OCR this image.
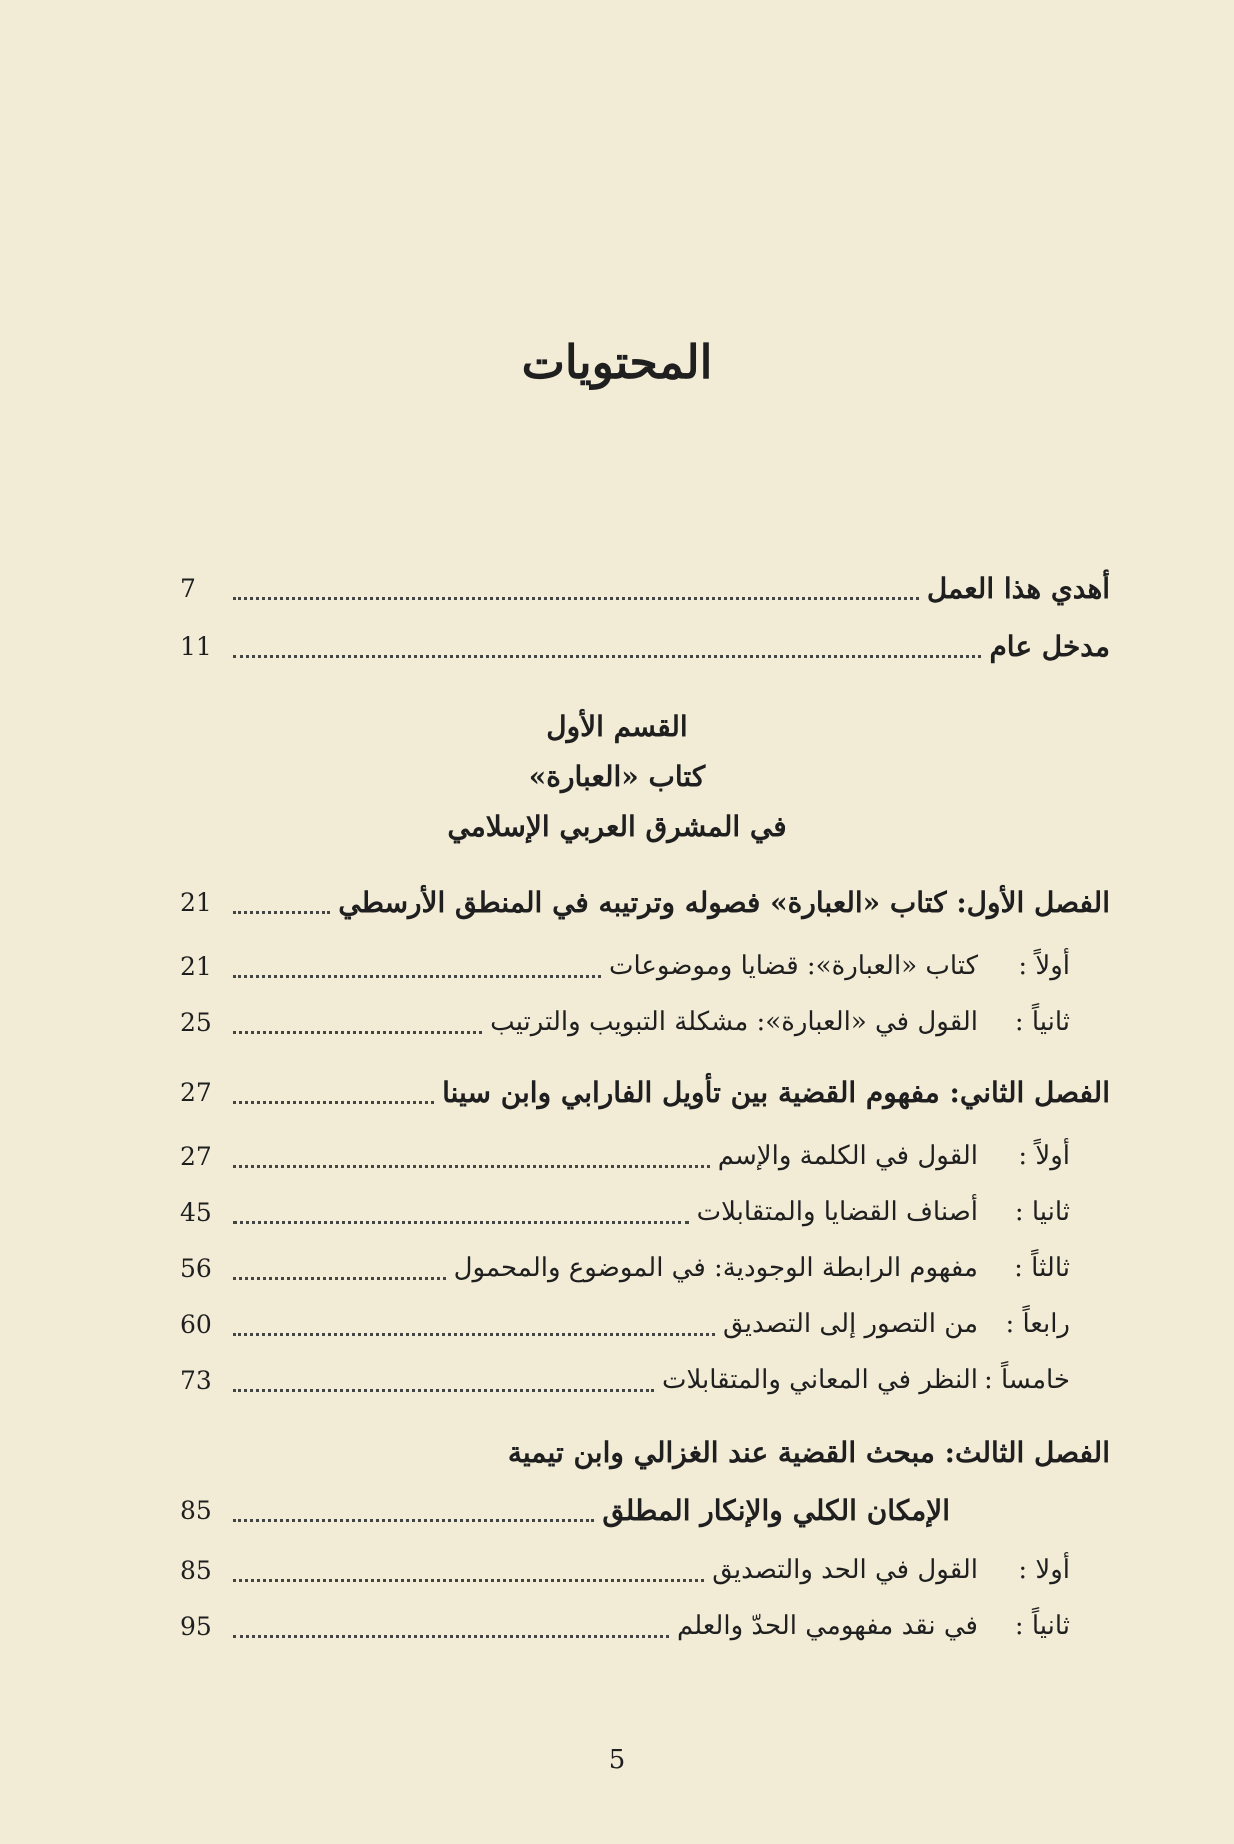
المحتويات
أهدي هذا العمل
7
مدخل عام
11
الفصل الأول: كتاب «العبارة» فصوله وترتيبه في المنطق الأرسطي
21
أولاً :كتاب «العبارة»: قضايا وموضوعات
21
ثانياً :القول في «العبارة»: مشكلة التبويب والترتيب
25
الفصل الثاني: مفهوم القضية بين تأويل الفارابي وابن سينا
27
أولاً :القول في الكلمة والإسم
27
ثانيا :أصناف القضايا والمتقابلات
45
ثالثاً :مفهوم الرابطة الوجودية: في الموضوع والمحمول
56
رابعاً :من التصور إلى التصديق
60
خامساً :النظر في المعاني والمتقابلات
73
الفصل الثالث: مبحث القضية عند الغزالي وابن تيمية
الإمكان الكلي والإنكار المطلق
85
أولا :القول في الحد والتصديق
85
ثانياً :في نقد مفهومي الحدّ والعلم
95
القسم الأول
كتاب «العبارة»
في المشرق العربي الإسلامي
5
